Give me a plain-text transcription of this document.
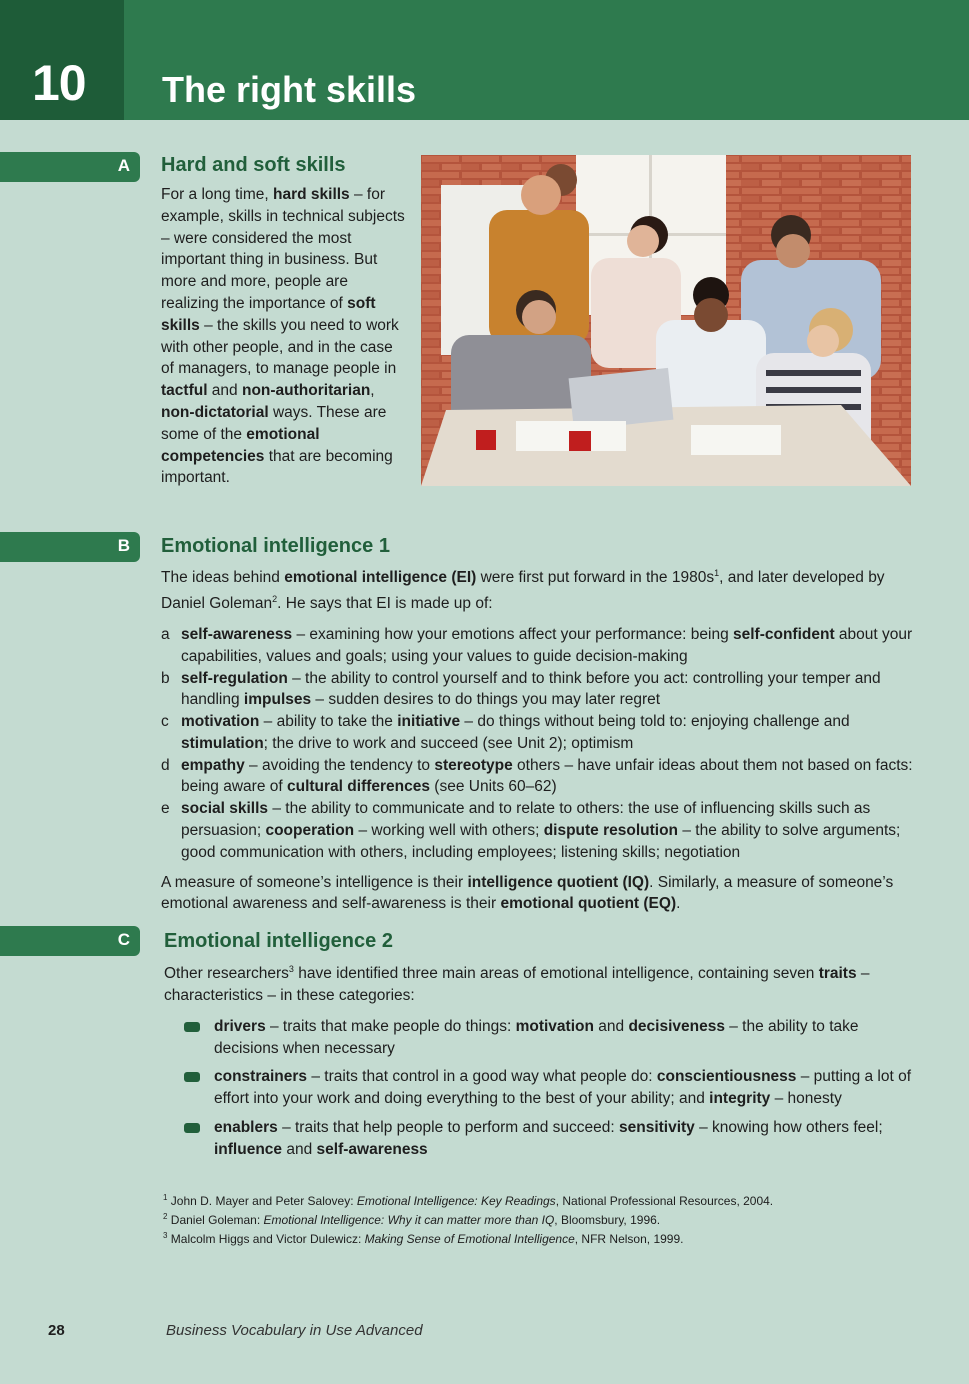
10 The right skills
A Hard and soft skills

For a long time, hard skills – for example, skills in technical subjects – were considered the most important thing in business. But more and more, people are realizing the importance of soft skills – the skills you need to work with other people, and in the case of managers, to manage people in tactful and non-authoritarian, non-dictatorial ways. These are some of the emotional competencies that are becoming important.

B Emotional intelligence 1

The ideas behind emotional intelligence (EI) were first put forward in the $1980s^1$, and later developed by Daniel Goleman$^2$. He says that EI is made up of:

a self-awareness – examining how your emotions affect your performance: being self-confident about your capabilities, values and goals; using your values to guide decision-making
b self-regulation – the ability to control yourself and to think before you act: controlling your temper and handling impulses – sudden desires to do things you may later regret
c motivation – ability to take the initiative – do things without being told to: enjoying challenge and stimulation; the drive to work and succeed (see Unit 2); optimism
d empathy – avoiding the tendency to stereotype others – have unfair ideas about them not based on facts: being aware of cultural differences (see Units 60–62)
e social skills – the ability to communicate and to relate to others: the use of influencing skills such as persuasion; cooperation – working well with others; dispute resolution – the ability to solve arguments; good communication with others, including employees; listening skills; negotiation

A measure of someone’s intelligence is their intelligence quotient (IQ). Similarly, a measure of someone’s emotional awareness and self-awareness is their emotional quotient (EQ).

C Emotional intelligence 2

Other researchers$^3$ have identified three main areas of emotional intelligence, containing seven traits – characteristics – in these categories:

drivers – traits that make people do things: motivation and decisiveness – the ability to take decisions when necessary
constrainers – traits that control in a good way what people do: conscientiousness – putting a lot of effort into your work and doing everything to the best of your ability; and integrity – honesty
enablers – traits that help people to perform and succeed: sensitivity – knowing how others feel; influence and self-awareness
$^1$ John D. Mayer and Peter Salovey: Emotional Intelligence: Key Readings, National Professional Resources, 2004.
$^2$ Daniel Goleman: Emotional Intelligence: Why it can matter more than IQ, Bloomsbury, 1996.
$^3$ Malcolm Higgs and Victor Dulewicz: Making Sense of Emotional Intelligence, NFR Nelson, 1999.
28	Business Vocabulary in Use Advanced
